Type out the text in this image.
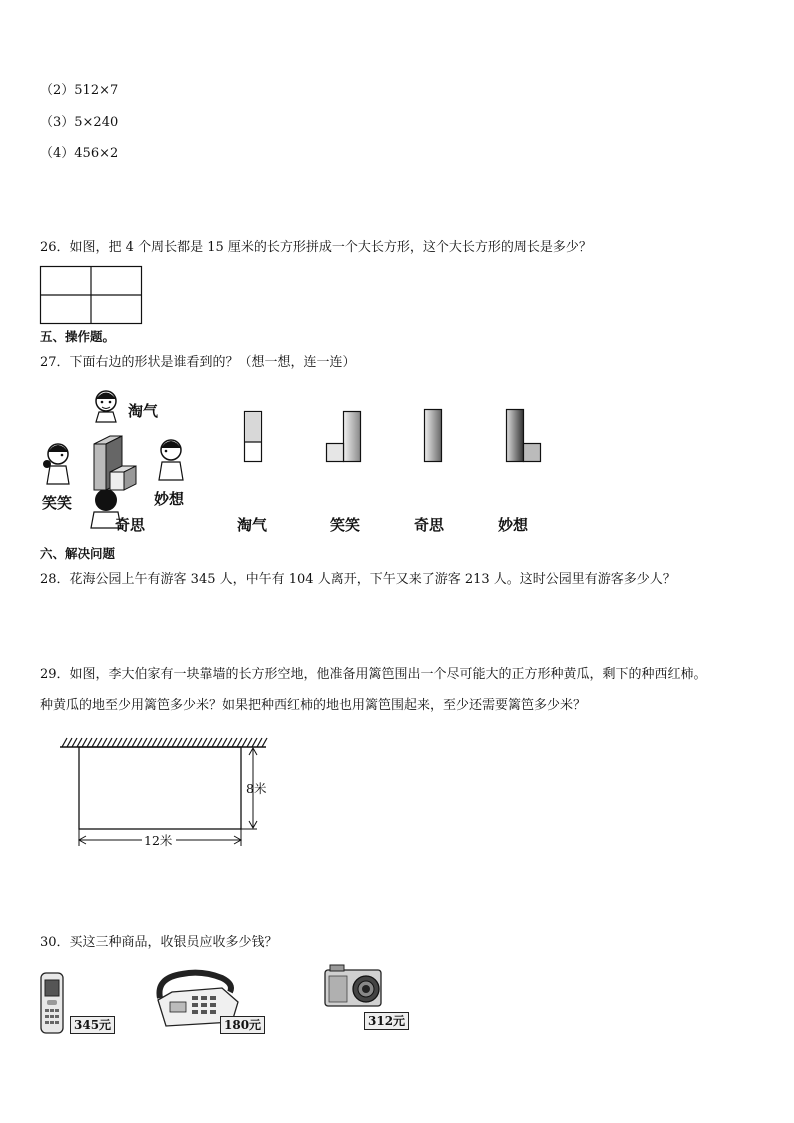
（2）512×7
（3）5×240
（4）456×2
26．如图，把 4 个周长都是 15 厘米的长方形拼成一个大长方形，这个大长方形的周长是多少？
五、操作题。
27．下面右边的形状是谁看到的？（想一想，连一连）
淘气
笑笑	妙想
奇思	淘气	笑笑	奇思	妙想
六、解决问题
28．花海公园上午有游客 345 人，中午有 104 人离开，下午又来了游客 213 人。这时公园里有游客多少人？
29．如图，李大伯家有一块靠墙的长方形空地，他准备用篱笆围出一个尽可能大的正方形种黄瓜，剩下的种西红柿。
种黄瓜的地至少用篱笆多少米？如果把种西红柿的地也用篱笆围起来，至少还需要篱笆多少米？
8米
12米
30．买这三种商品，收银员应收多少钱？
345元	180元	312元
